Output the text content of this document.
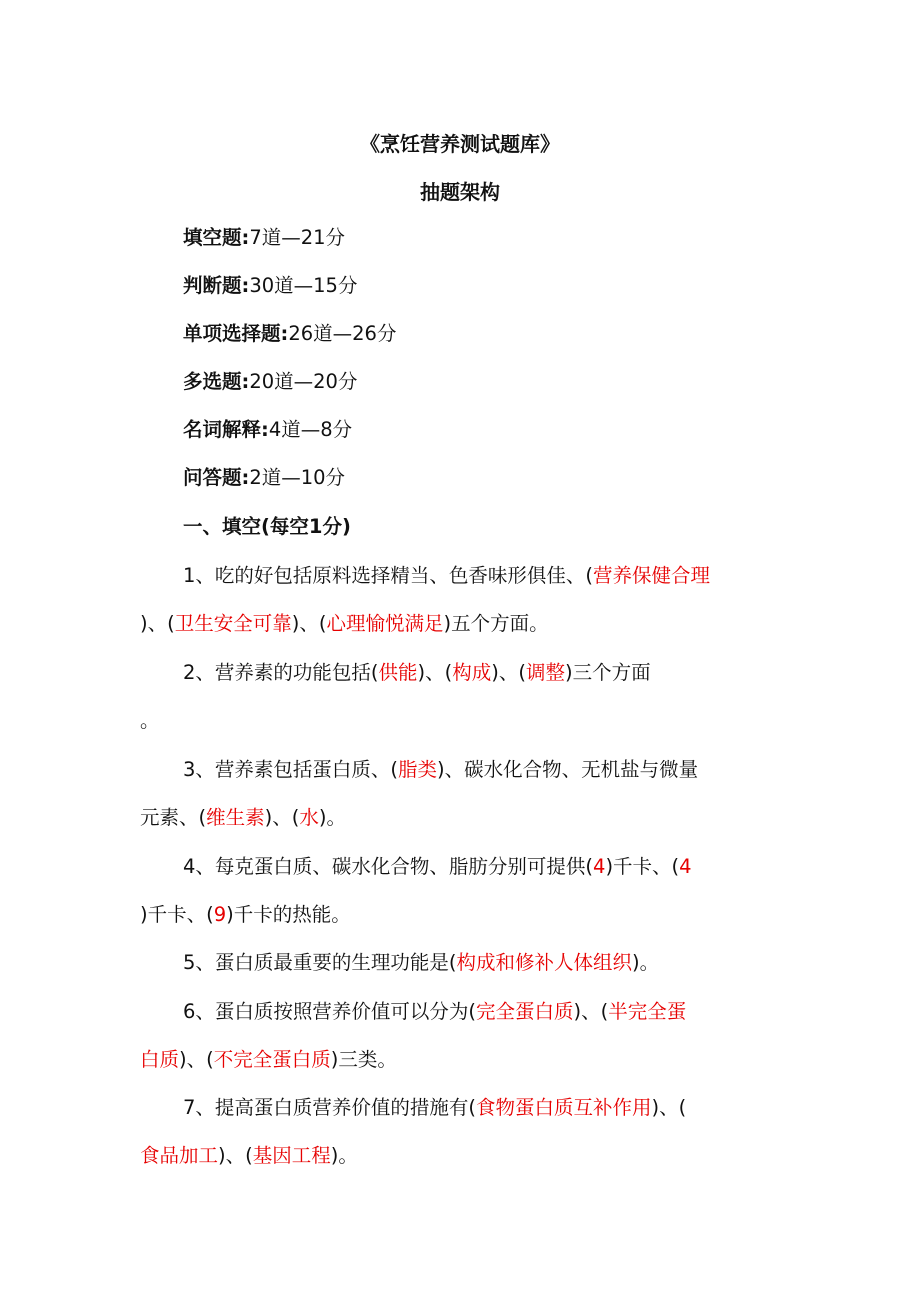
《烹饪营养测试题库》
抽题架构
填空题:7道—21分
判断题:30道—15分
单项选择题:26道—26分
多选题:20道—20分
名词解释:4道—8分
问答题:2道—10分
一、填空(每空1分)
1、吃的好包括原料选择精当、色香味形俱佳、(营养保健合理
)、(卫生安全可靠)、(心理愉悦满足)五个方面。
2、营养素的功能包括(供能)、(构成)、(调整)三个方面
。
3、营养素包括蛋白质、(脂类)、碳水化合物、无机盐与微量
元素、(维生素)、(水)。
4、每克蛋白质、碳水化合物、脂肪分别可提供(4)千卡、(4
)千卡、(9)千卡的热能。
5、蛋白质最重要的生理功能是(构成和修补人体组织)。
6、蛋白质按照营养价值可以分为(完全蛋白质)、(半完全蛋
白质)、(不完全蛋白质)三类。
7、提高蛋白质营养价值的措施有(食物蛋白质互补作用)、(
食品加工)、(基因工程)。
